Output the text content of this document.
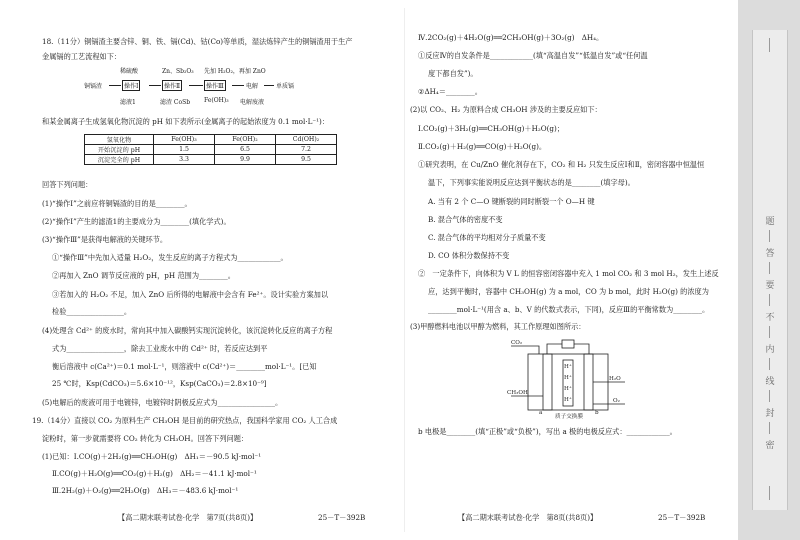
18.（11分）铜镉渣主要含锌、铜、铁、镉(Cd)、钴(Co)等单质，湿法炼锌产生的铜镉渣用于生产
金属镉的工艺流程如下：
稀硫酸	Zn、Sb₂O₃ 先加 H₂O₂，再加 ZnO
铜镉渣	操作Ⅰ	操作Ⅱ	操作Ⅲ	电解	单质镉
滤液1	滤渣 CoSb Fe(OH)₃ 电解废液
和某金属离子生成氢氧化物沉淀的 pH 如下表所示(金属离子的起始浓度为 0.1 mol·L⁻¹)：
氢氧化物	Fe(OH)₃	Fe(OH)₂	Cd(OH)₂
开始沉淀的 pH	1.5	6.5	7.2
沉淀完全的 pH	3.3	9.9	9.5
回答下列问题：
(1)“操作Ⅰ”之前应将铜镉渣的目的是________。
(2)“操作Ⅰ”产生的滤渣1的主要成分为________(填化学式)。
(3)“操作Ⅲ”是获得电解液的关键环节。
①“操作Ⅲ”中先加入适量 H₂O₂，发生反应的离子方程式为____________。
②再加入 ZnO 调节反应液的 pH，pH 范围为________。
③若加入的 H₂O₂ 不足，加入 ZnO 后所得的电解液中会含有 Fe²⁺。设计实验方案加以
检验________________。
(4)处理含 Cd²⁺ 的废水时，常向其中加入碳酸钙实现沉淀转化，该沉淀转化反应的离子方程
式为________________，除去工业废水中的 Cd²⁺ 时，若反应达到平
衡后溶液中 c(Ca²⁺)＝0.1 mol·L⁻¹，则溶液中 c(Cd²⁺)＝________mol·L⁻¹。[已知
25 ℃时，Ksp(CdCO₃)＝5.6×10⁻¹²，Ksp(CaCO₃)＝2.8×10⁻⁹]
(5)电解后的废液可用于电镀锌，电镀锌时阴极反应式为________________。
19.（14分）直接以 CO₂ 为原料生产 CH₃OH 是目前的研究热点，我国科学家用 CO₂ 人工合成
淀粉时，第一步就需要将 CO₂ 转化为 CH₃OH。回答下列问题：
(1)已知：Ⅰ.CO(g)＋2H₂(g)══CH₃OH(g)　ΔH₁＝－90.5 kJ·mol⁻¹
Ⅱ.CO(g)＋H₂O(g)══CO₂(g)＋H₂(g)　ΔH₂＝－41.1 kJ·mol⁻¹
Ⅲ.2H₂(g)＋O₂(g)══2H₂O(g)　ΔH₃＝－483.6 kJ·mol⁻¹
【高二期末联考试卷·化学　第7页(共8页)】	25－T－392B
Ⅳ.2CO₂(g)＋4H₂O(g)══2CH₃OH(g)＋3O₂(g)　ΔH₄。
①反应Ⅳ的自发条件是____________(填“高温自发”“低温自发”或“任何温
度下都自发”)。
②ΔH₄＝________。
(2)以 CO₂、H₂ 为原料合成 CH₃OH 涉及的主要反应如下：
Ⅰ.CO₂(g)＋3H₂(g)══CH₃OH(g)＋H₂O(g)；
Ⅱ.CO₂(g)＋H₂(g)══CO(g)＋H₂O(g)。
①研究表明，在 Cu/ZnO 催化剂存在下，CO₂ 和 H₂ 只发生反应Ⅰ和Ⅱ，密闭容器中恒温恒
温下，下列事实能说明反应达到平衡状态的是________(填字母)。
A. 当有 2 个 C—O 键断裂的同时断裂一个 O—H 键
B. 混合气体的密度不变
C. 混合气体的平均相对分子质量不变
D. CO 体积分数保持不变
②　一定条件下，向体积为 V L 的恒容密闭容器中充入 1 mol CO₂ 和 3 mol H₂，发生上述反
应，达到平衡时，容器中 CH₃OH(g) 为 a mol，CO 为 b mol，此时 H₂O(g) 的浓度为
________mol·L⁻¹(用含 a、b、V 的代数式表示，下同)，反应Ⅲ的平衡常数为________。
(3)甲醇燃料电池以甲醇为燃料，其工作原理如图所示：
b 电极是________(填“正极”或“负极”)，写出 a 极的电极反应式：____________。
【高二期末联考试卷·化学　第8页(共8页)】	25－T－392B
CO₂
H₂O
CH₃OH
O₂
a	b
H⁺
H⁺
H⁺
H⁺
质子交换膜
题
答
要
不
内
线
封
密
